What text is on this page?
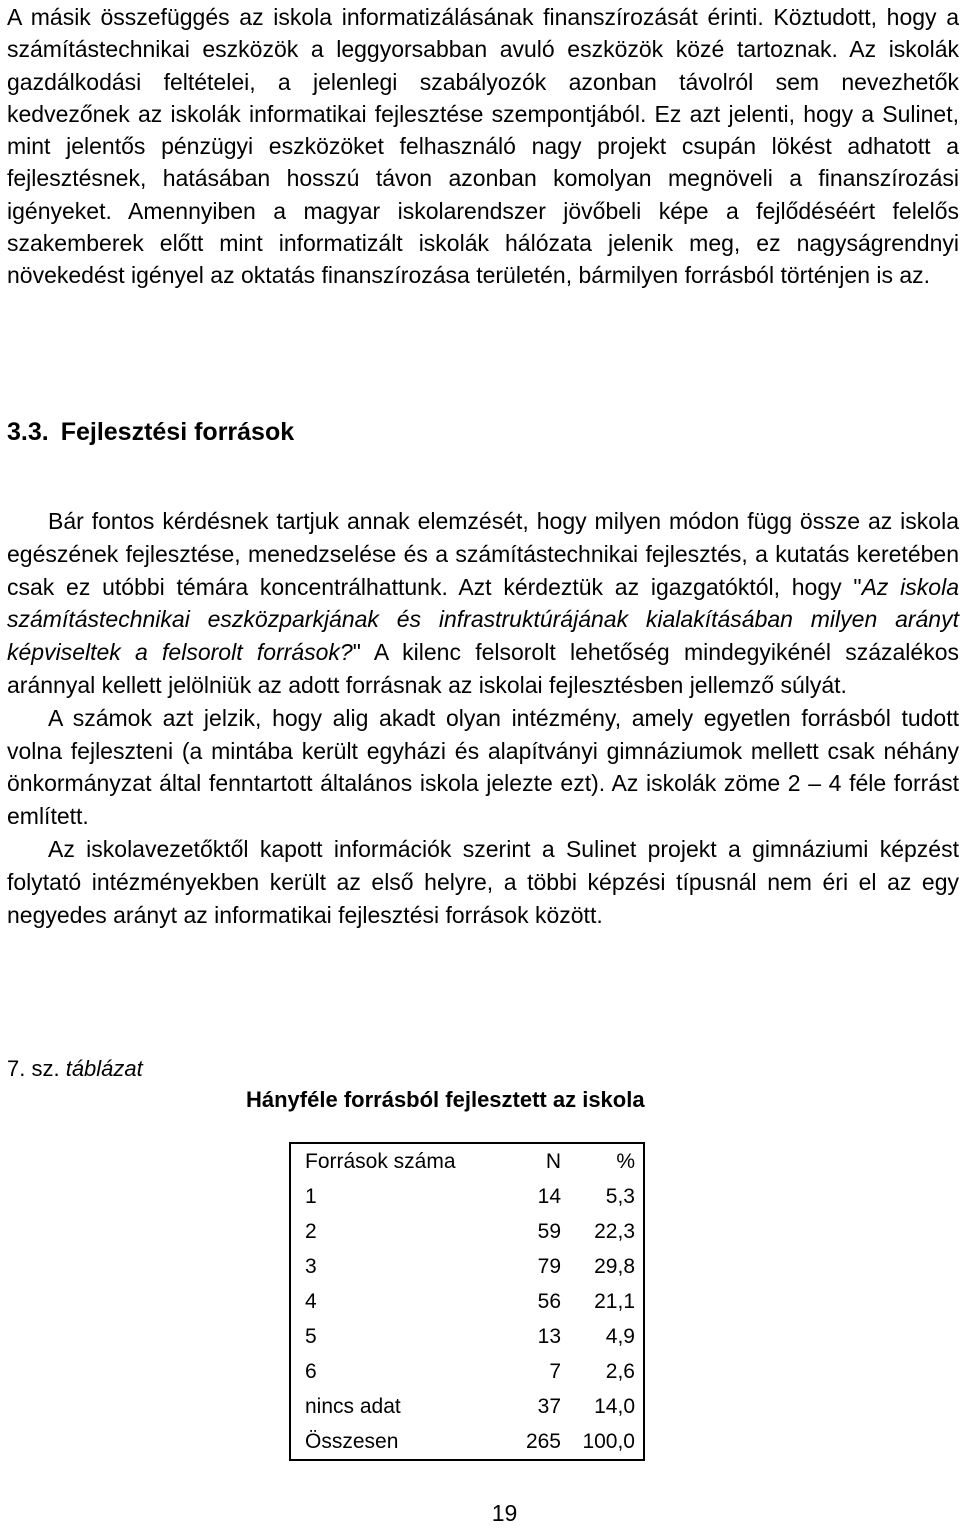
A másik összefüggés az iskola informatizálásának finanszírozását érinti. Köztudott, hogy a számítástechnikai eszközök a leggyorsabban avuló eszközök közé tartoznak. Az iskolák gazdálkodási feltételei, a jelenlegi szabályozók azonban távolról sem nevezhetők kedvezőnek az iskolák informatikai fejlesztése szempontjából. Ez azt jelenti, hogy a Sulinet, mint jelentős pénzügyi eszközöket felhasználó nagy projekt csupán lökést adhatott a fejlesztésnek, hatásában hosszú távon azonban komolyan megnöveli a finanszírozási igényeket. Amennyiben a magyar iskolarendszer jövőbeli képe a fejlődéséért felelős szakemberek előtt mint informatizált iskolák hálózata jelenik meg, ez nagyságrendnyi növekedést igényel az oktatás finanszírozása területén, bármilyen forrásból történjen is az.

3.3. Fejlesztési források
Bár fontos kérdésnek tartjuk annak elemzését, hogy milyen módon függ össze az iskola egészének fejlesztése, menedzselése és a számítástechnikai fejlesztés, a kutatás keretében csak ez utóbbi témára koncentrálhattunk. Azt kérdeztük az igazgatóktól, hogy "Az iskola számítástechnikai eszközparkjának és infrastruktúrájának kialakításában milyen arányt képviseltek a felsorolt források?" A kilenc felsorolt lehetőség mindegyikénél százalékos aránnyal kellett jelölniük az adott forrásnak az iskolai fejlesztésben jellemző súlyát.
A számok azt jelzik, hogy alig akadt olyan intézmény, amely egyetlen forrásból tudott volna fejleszteni (a mintába került egyházi és alapítványi gimnáziumok mellett csak néhány önkormányzat által fenntartott általános iskola jelezte ezt). Az iskolák zöme 2 – 4 féle forrást említett.
Az iskolavezetőktől kapott információk szerint a Sulinet projekt a gimnáziumi képzést folytató intézményekben került az első helyre, a többi képzési típusnál nem éri el az egy negyedes arányt az informatikai fejlesztési források között.
7. sz. táblázat
Hányféle forrásból fejlesztett az iskola
Források száma	N	%
1	14	5,3
2	59	22,3
3	79	29,8
4	56	21,1
5	13	4,9
6	7	2,6
nincs adat	37	14,0
Összesen	265	100,0
19
